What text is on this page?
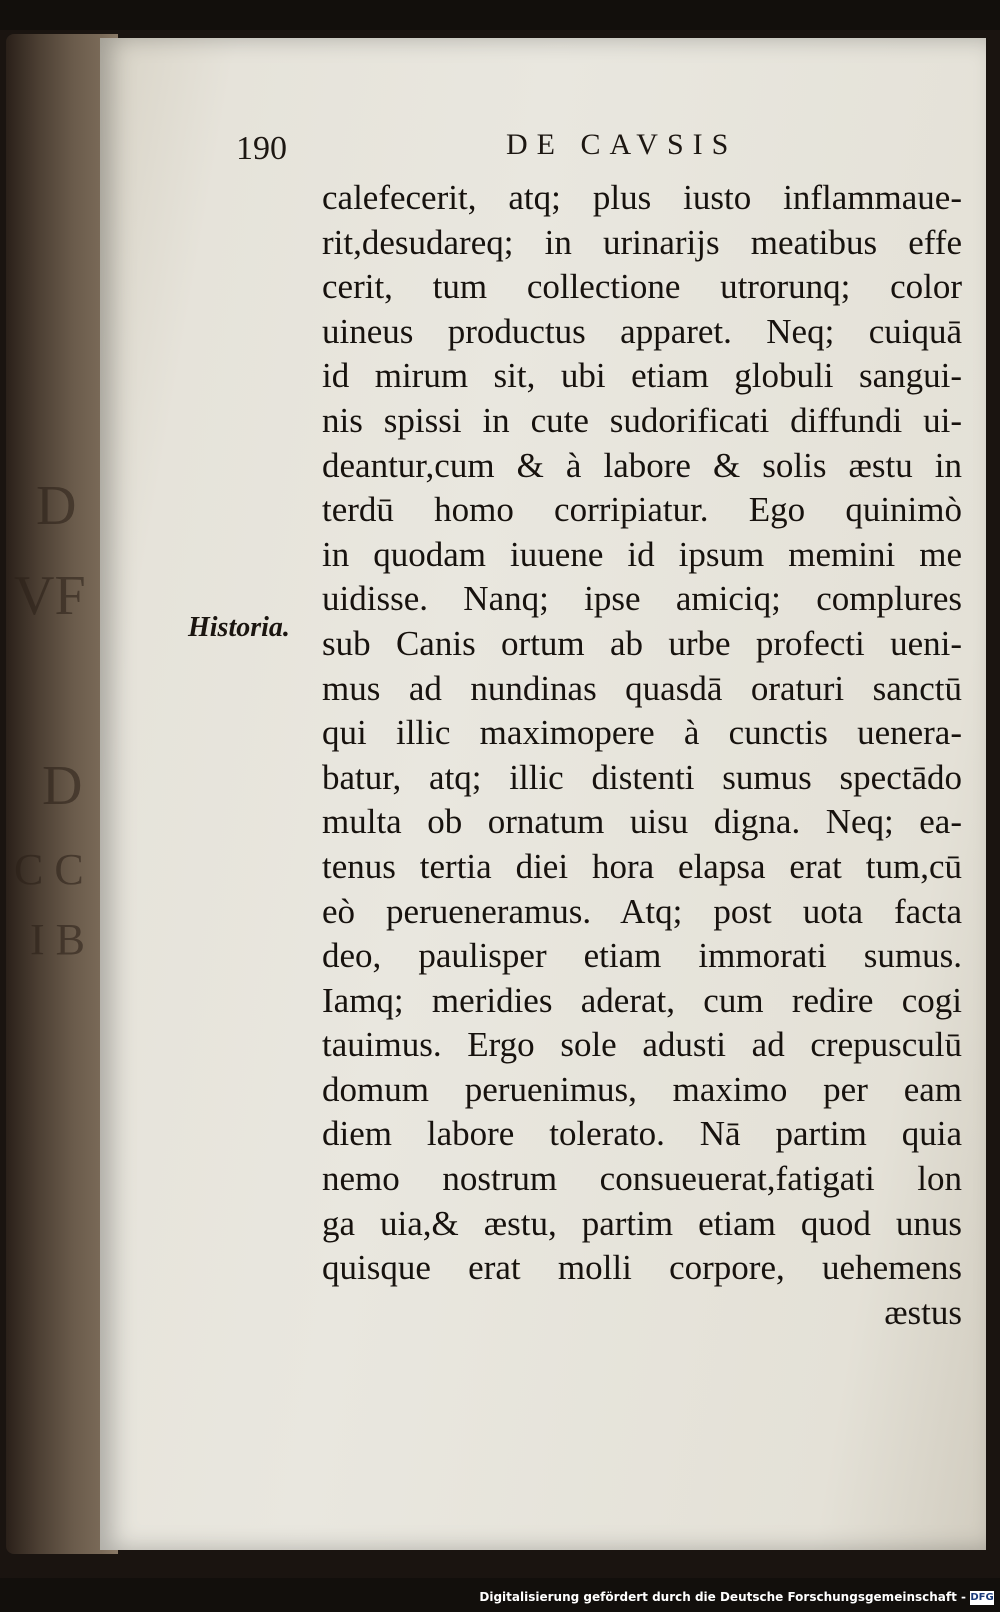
D
VF
D
C C
I B
190	DE CAVSIS
Historia.
calefecerit, atq; plus iusto inflammaue-
rit,desudareq; in urinarijs meatibus effe
cerit, tum collectione utrorunq; color
uineus productus apparet. Neq; cuiquā
id mirum sit, ubi etiam globuli sangui-
nis spissi in cute sudorificati diffundi ui-
deantur,cum & à labore & solis æstu in
terdū homo corripiatur. Ego quinimò
in quodam iuuene id ipsum memini me
uidisse. Nanq; ipse amiciq; complures
sub Canis ortum ab urbe profecti ueni-
mus ad nundinas quasdā oraturi sanctū
qui illic maximopere à cunctis uenera-
batur, atq; illic distenti sumus spectādo
multa ob ornatum uisu digna. Neq; ea-
tenus tertia diei hora elapsa erat tum,cū
eò perueneramus. Atq; post uota facta
deo, paulisper etiam immorati sumus.
Iamq; meridies aderat, cum redire cogi
tauimus. Ergo sole adusti ad crepusculū
domum peruenimus, maximo per eam
diem labore tolerato. Nā partim quia
nemo nostrum consueuerat,fatigati lon
ga uia,& æstu, partim etiam quod unus
quisque erat molli corpore, uehemens
æstus
Digitalisierung gefördert durch die Deutsche Forschungsgemeinschaft - DFG
